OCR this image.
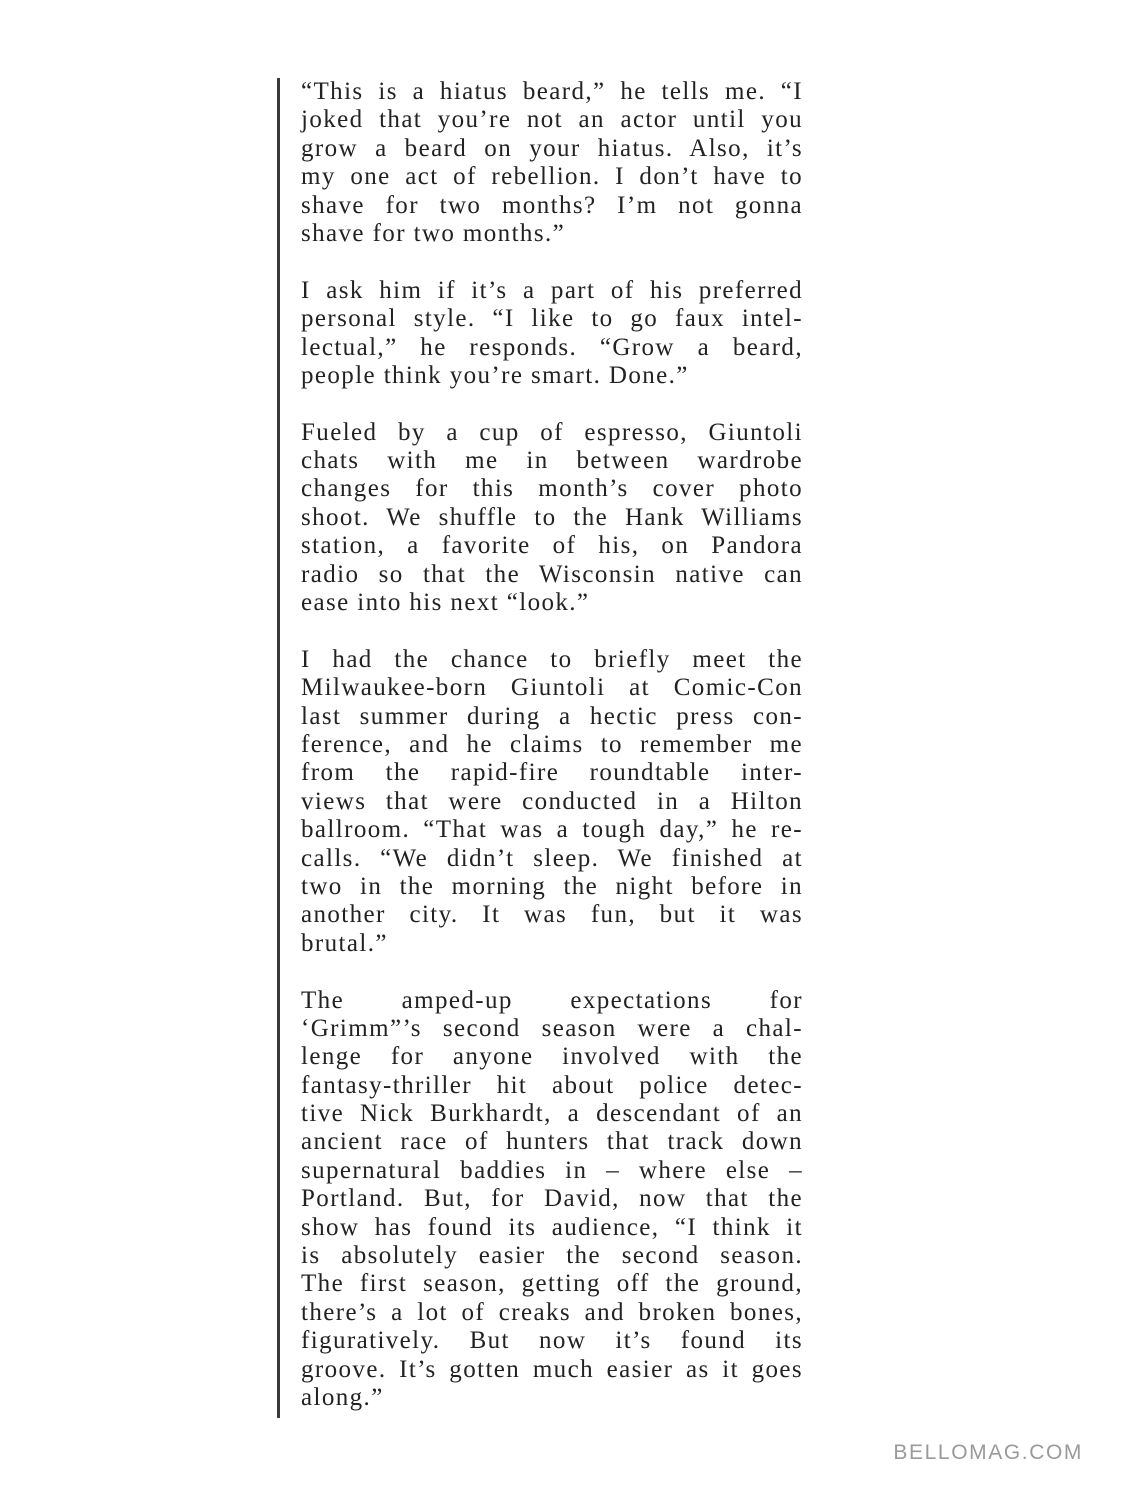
“This is a hiatus beard,” he tells me. “I
joked that you’re not an actor until you
grow a beard on your hiatus. Also, it’s
my one act of rebellion. I don’t have to
shave for two months? I’m not gonna
shave for two months.”

I ask him if it’s a part of his preferred
personal style. “I like to go faux intel-
lectual,” he responds. “Grow a beard,
people think you’re smart. Done.”

Fueled by a cup of espresso, Giuntoli
chats with me in between wardrobe
changes for this month’s cover photo
shoot. We shuffle to the Hank Williams
station, a favorite of his, on Pandora
radio so that the Wisconsin native can
ease into his next “look.”

I had the chance to briefly meet the
Milwaukee-born Giuntoli at Comic-Con
last summer during a hectic press con-
ference, and he claims to remember me
from the rapid-fire roundtable inter-
views that were conducted in a Hilton
ballroom. “That was a tough day,” he re-
calls. “We didn’t sleep. We finished at
two in the morning the night before in
another city. It was fun, but it was
brutal.”

The amped-up expectations for
‘Grimm”’s second season were a chal-
lenge for anyone involved with the
fantasy-thriller hit about police detec-
tive Nick Burkhardt, a descendant of an
ancient race of hunters that track down
supernatural baddies in – where else –
Portland. But, for David, now that the
show has found its audience, “I think it
is absolutely easier the second season.
The first season, getting off the ground,
there’s a lot of creaks and broken bones,
figuratively. But now it’s found its
groove. It’s gotten much easier as it goes
along.”

BELLOMAG.COM
